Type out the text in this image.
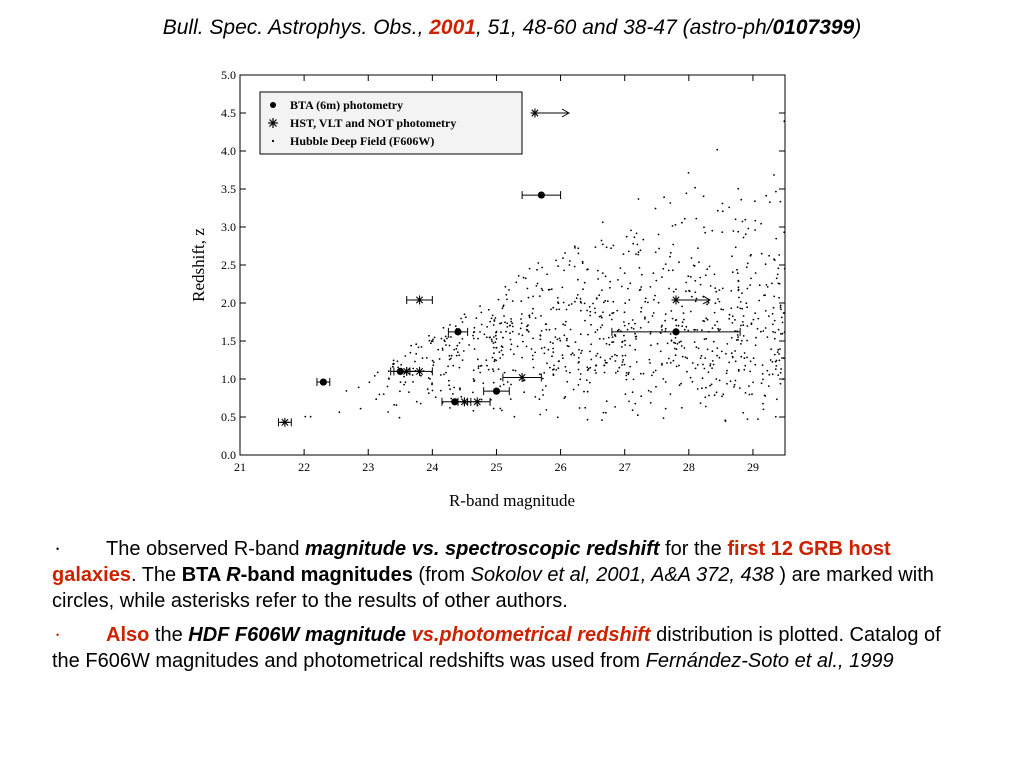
Bull. Spec. Astrophys. Obs., 2001, 51, 48-60 and 38-47 (astro-ph/0107399)
21	22	23	24	25	26	27	28	29
0.0
0.5
1.0
1.5
2.0
2.5
3.0
3.5
4.0
4.5
5.0
BTA (6m) photometry
HST, VLT and NOT photometry
Hubble Deep Field (F606W)
R-band magnitude
Redshift, z

• The observed R-band magnitude vs. spectroscopic redshift for the first 12 GRB host galaxies. The BTA R-band magnitudes (from Sokolov et al, 2001, A&A 372, 438 ) are marked with circles, while asterisks refer to the results of other authors.

• Also the HDF F606W magnitude vs.photometrical redshift distribution is plotted. Catalog of the F606W magnitudes and photometrical redshifts was used from Fernández-Soto et al., 1999
